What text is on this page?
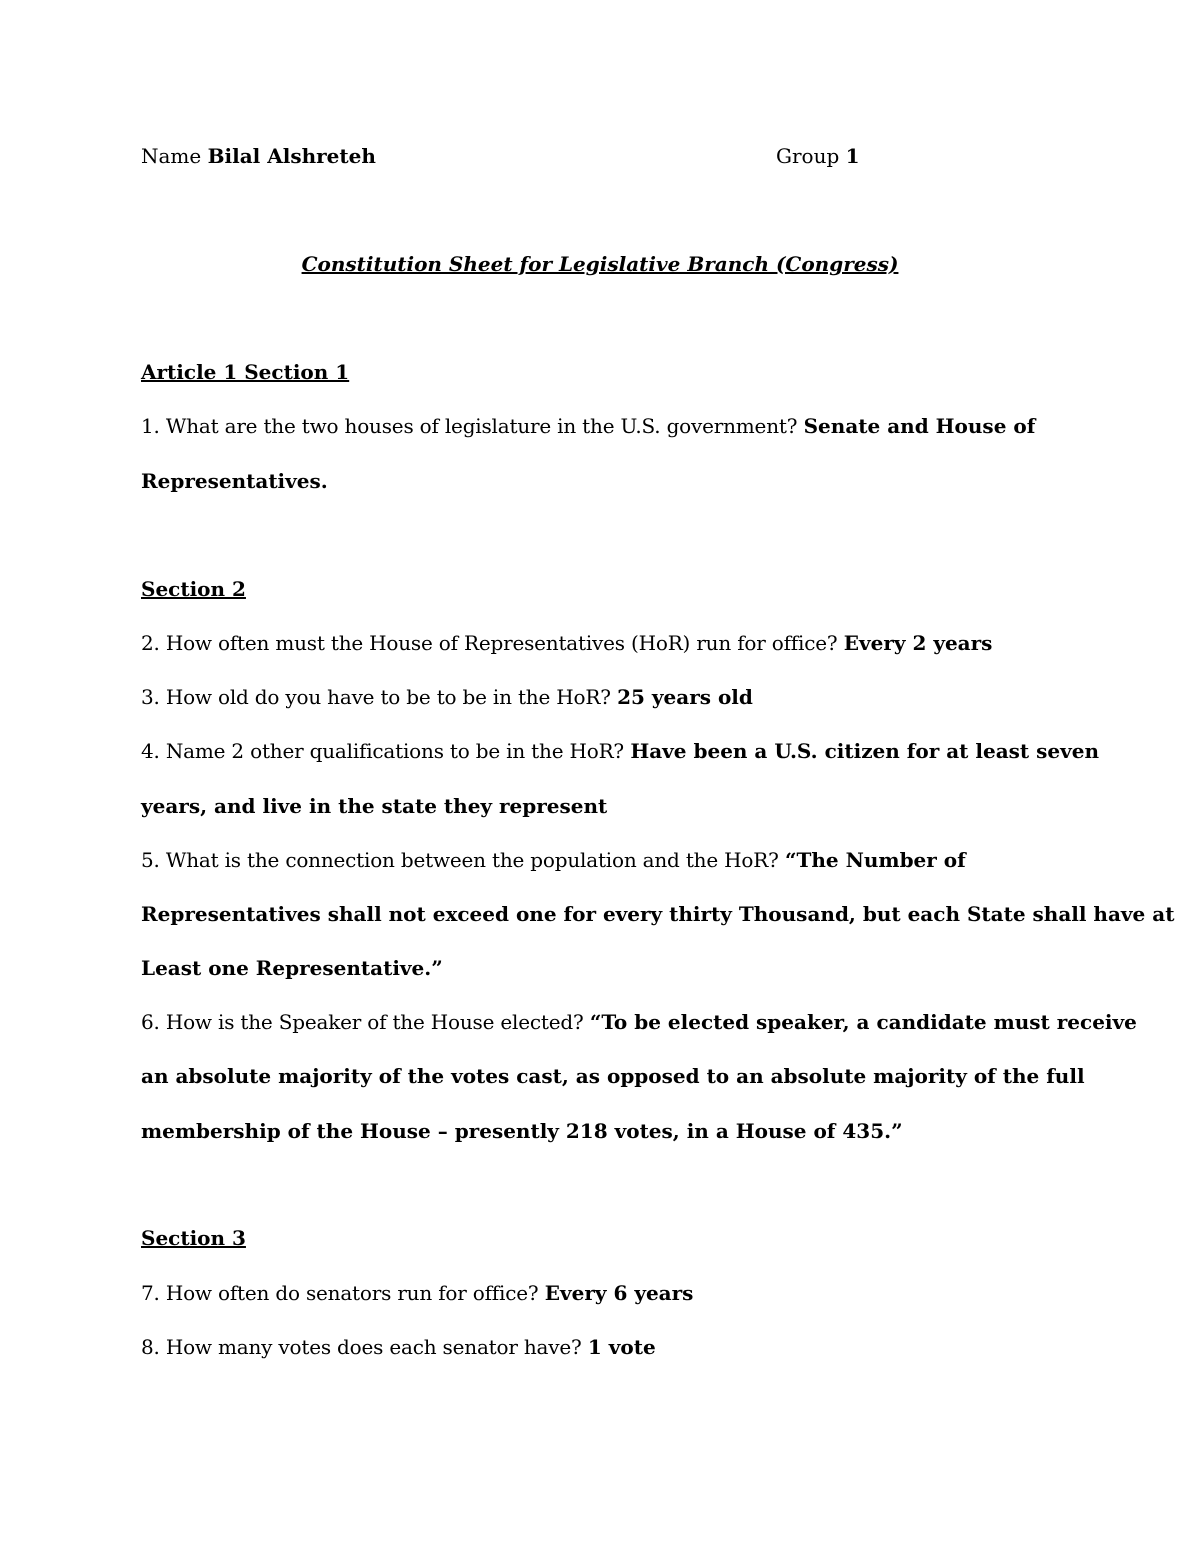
Name Bilal Alshreteh	Group 1
Constitution Sheet for Legislative Branch (Congress)
Article 1 Section 1
1. What are the two houses of legislature in the U.S. government? Senate and House of
Representatives.
Section 2
2. How often must the House of Representatives (HoR) run for office? Every 2 years
3. How old do you have to be to be in the HoR? 25 years old
4. Name 2 other qualifications to be in the HoR? Have been a U.S. citizen for at least seven
years, and live in the state they represent
5. What is the connection between the population and the HoR? “The Number of
Representatives shall not exceed one for every thirty Thousand, but each State shall have at
Least one Representative.”
6. How is the Speaker of the House elected? “To be elected speaker, a candidate must receive
an absolute majority of the votes cast, as opposed to an absolute majority of the full
membership of the House – presently 218 votes, in a House of 435.”
Section 3
7. How often do senators run for office? Every 6 years
8. How many votes does each senator have? 1 vote
